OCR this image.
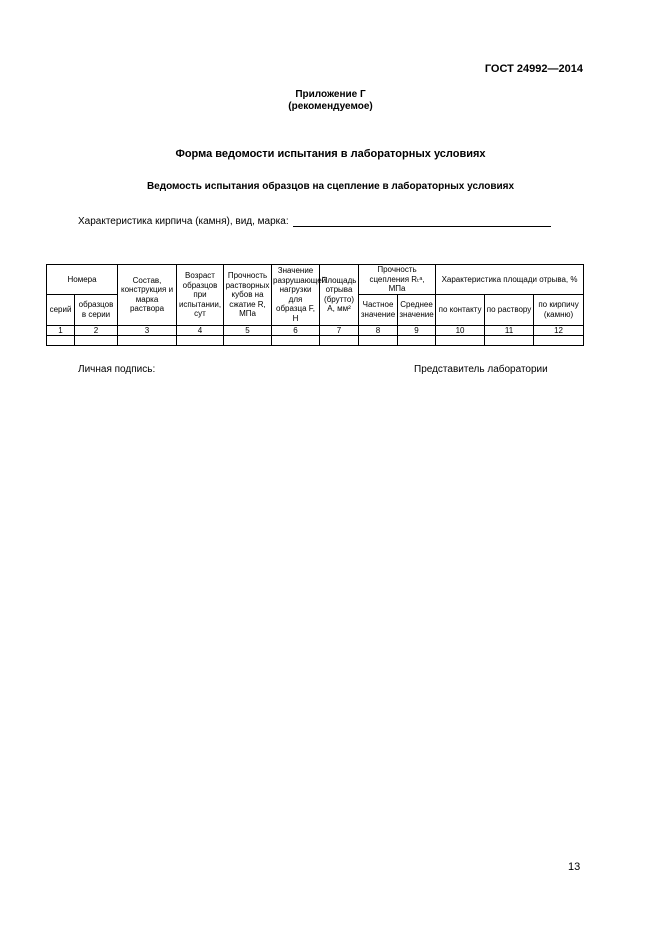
ГОСТ 24992—2014
Приложение Г
(рекомендуемое)
Форма ведомости испытания в лабораторных условиях
Ведомость испытания образцов на сцепление в лабораторных условиях
Характеристика кирпича (камня), вид, марка:
Номера		Состав, конструкция и марка раствора	Возраст образцов при испытании, сут	Прочность растворных кубов на сжатие R, МПа	Значение разрушающей нагрузки для образца F, Н	Площадь отрыва (брутто) А, мм²	Прочность сцепления Rₜᵃ, МПа		Характеристика площади отрыва, %		
серий	образцов в серии						Частное значение	Среднее значение	по контакту	по раствору	по кирпичу (камню)
1	2	3	4	5	6	7	8	9	10	11	12

Личная подпись:	Представитель лаборатории
13
